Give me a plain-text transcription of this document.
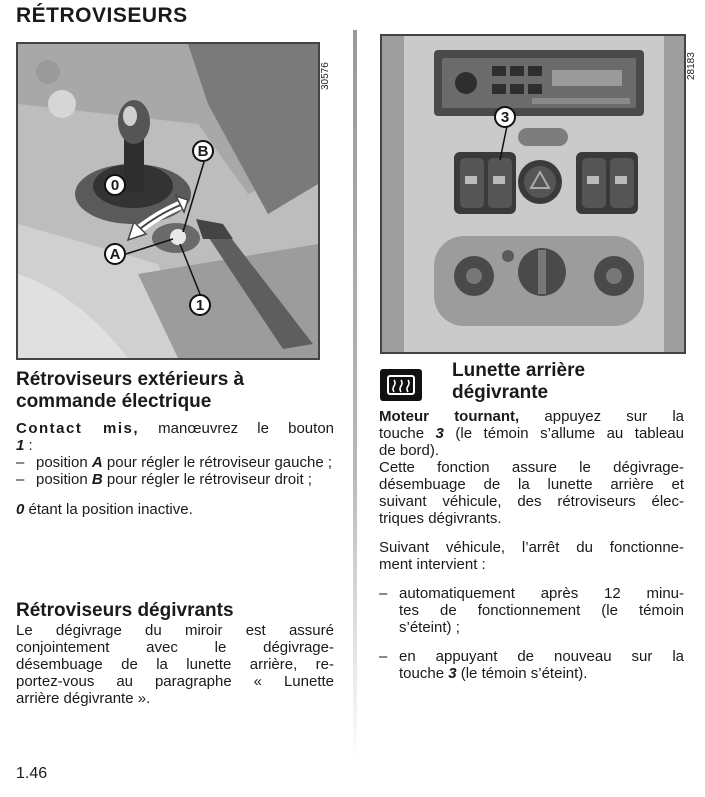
RÉTROVISEURS
0
A
B
1
30576
3
28183
Rétroviseurs extérieurs à
commande électrique

Contact mis, manœuvrez le bouton

1 :

– position A pour régler le rétroviseur gauche ;
– position B pour régler le rétroviseur droit ;

0 étant la position inactive.

Rétroviseurs dégivrants

Le dégivrage du miroir est assuré

conjointement avec le dégivrage-

désembuage de la lunette arrière, re-

portez-vous au paragraphe « Lunette

arrière dégivrante ».

Lunette arrière
dégivrante

Moteur tournant, appuyez sur la

touche 3 (le témoin s’allume au tableau

de bord).

Cette fonction assure le dégivrage-

désembuage de la lunette arrière et

suivant véhicule, des rétroviseurs élec-

triques dégivrants.

Suivant véhicule, l’arrêt du fonctionne-

ment intervient :

– automatiquement après 12 minu-
tes de fonctionnement (le témoin
s’éteint) ;
– en appuyant de nouveau sur la
touche 3 (le témoin s’éteint).
1.46
